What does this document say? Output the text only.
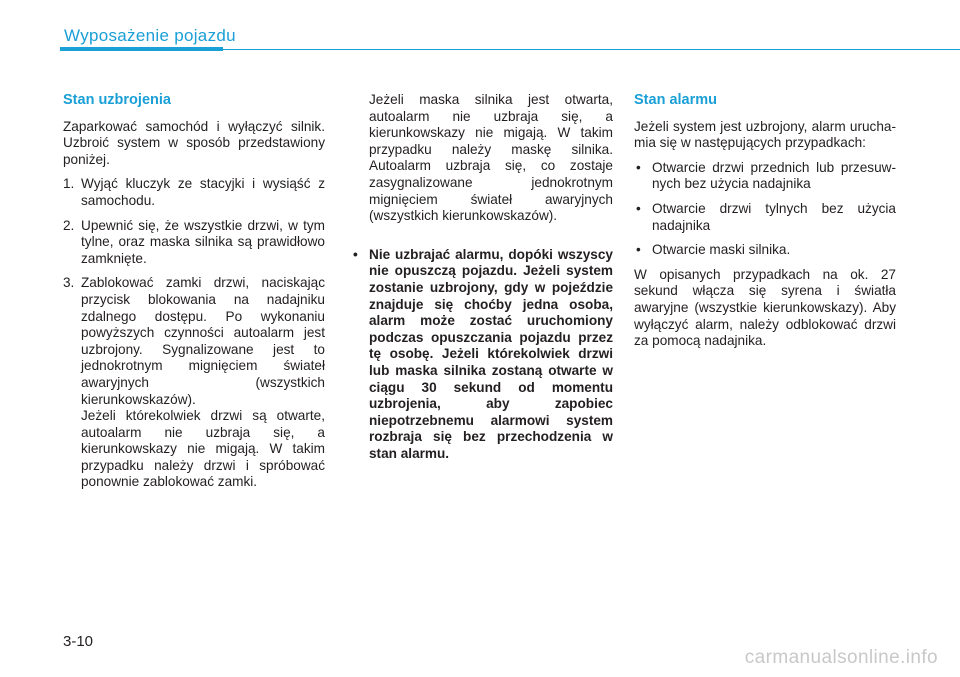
Wyposażenie pojazdu
Stan uzbrojenia

Zaparkować samochód i wyłączyć silnik. Uzbroić system w sposób przedstawiony poniżej.

1. Wyjąć kluczyk ze stacyjki i wysiąść z samochodu.
2. Upewnić się, że wszystkie drzwi, w tym tylne, oraz maska silnika są prawidłowo zamknięte.
3. Zablokować zamki drzwi, naciskając przycisk blokowania na nadajniku zdalnego dostępu. Po wykonaniu powyższych czynności autoalarm jest uzbrojony. Sygnalizowane jest to jednokrotnym mignięciem świateł awaryjnych (wszystkich kierunkowskazów).
Jeżeli którekolwiek drzwi są otwarte, autoalarm nie uzbraja się, a kierunkowskazy nie migają. W takim przypadku należy drzwi i spróbować ponownie zablokować zamki.

Jeżeli maska silnika jest otwarta, autoalarm nie uzbraja się, a kierunkowskazy nie migają. W takim przypadku należy maskę silnika. Autoalarm uzbraja się, co zostaje zasygnalizowane jednokrotnym mignięciem świateł awaryjnych (wszystkich kierunkowskazów).

• Nie uzbrajać alarmu, dopóki wszyscy nie opuszczą pojazdu. Jeżeli system zostanie uzbrojony, gdy w pojeździe znajduje się choćby jedna osoba, alarm może zostać uruchomiony podczas opuszczania pojazdu przez tę osobę. Jeżeli którekolwiek drzwi lub maska silnika zostaną otwarte w ciągu 30 sekund od momentu uzbrojenia, aby zapobiec niepotrzebnemu alarmowi system rozbraja się bez przechodzenia w stan alarmu.
Stan alarmu

Jeżeli system jest uzbrojony, alarm uruchamia się w następujących przypadkach:

• Otwarcie drzwi przednich lub przesuwnych bez użycia nadajnika
• Otwarcie drzwi tylnych bez użycia nadajnika
• Otwarcie maski silnika.

W opisanych przypadkach na ok. 27 sekund włącza się syrena i światła awaryjne (wszystkie kierunkowskazy). Aby wyłączyć alarm, należy odblokować drzwi za pomocą nadajnika.

3-10
carmanualsonline.info
